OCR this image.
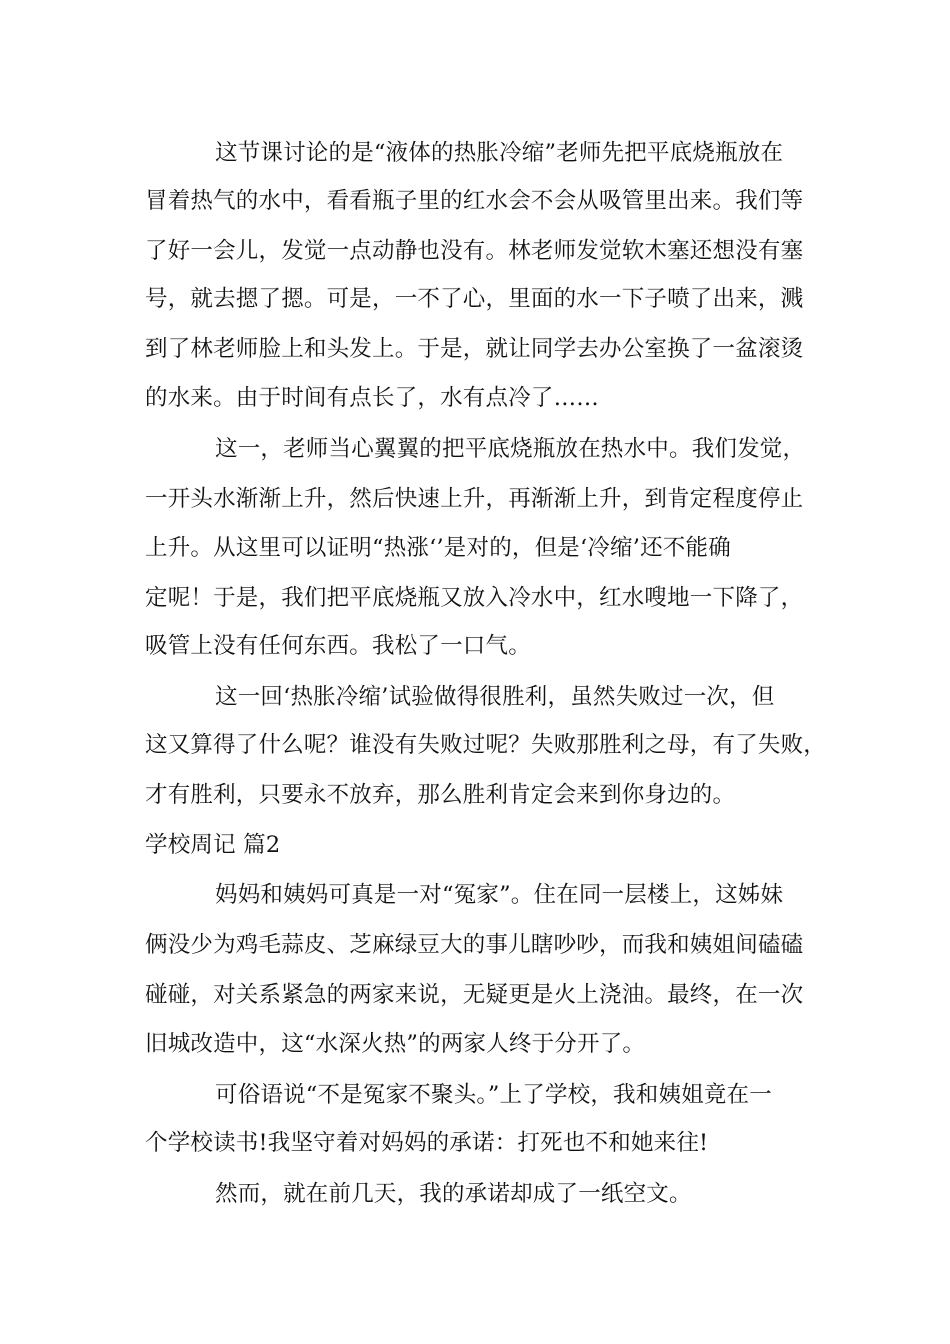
这节课讨论的是“液体的热胀冷缩”老师先把平底烧瓶放在
冒着热气的水中，看看瓶子里的红水会不会从吸管里出来。我们等
了好一会儿，发觉一点动静也没有。林老师发觉软木塞还想没有塞
号，就去摁了摁。可是，一不了心，里面的水一下子喷了出来，溅
到了林老师脸上和头发上。于是，就让同学去办公室换了一盆滚烫
的水来。由于时间有点长了，水有点冷了……
这一，老师当心翼翼的把平底烧瓶放在热水中。我们发觉，
一开头水渐渐上升，然后快速上升，再渐渐上升，到肯定程度停止
上升。从这里可以证明“热涨‘’是对的，但是‘冷缩’还不能确
定呢！于是，我们把平底烧瓶又放入冷水中，红水嗖地一下降了，
吸管上没有任何东西。我松了一口气。
这一回‘热胀冷缩’试验做得很胜利，虽然失败过一次，但
这又算得了什么呢？谁没有失败过呢？失败那胜利之母，有了失败，
才有胜利，只要永不放弃，那么胜利肯定会来到你身边的。
学校周记 篇2
妈妈和姨妈可真是一对“冤家”。住在同一层楼上，这姊妹
俩没少为鸡毛蒜皮、芝麻绿豆大的事儿瞎吵吵，而我和姨姐间磕磕
碰碰，对关系紧急的两家来说，无疑更是火上浇油。最终，在一次
旧城改造中，这“水深火热”的两家人终于分开了。
可俗语说“不是冤家不聚头。”上了学校，我和姨姐竟在一
个学校读书!我坚守着对妈妈的承诺：打死也不和她来往!
然而，就在前几天，我的承诺却成了一纸空文。
